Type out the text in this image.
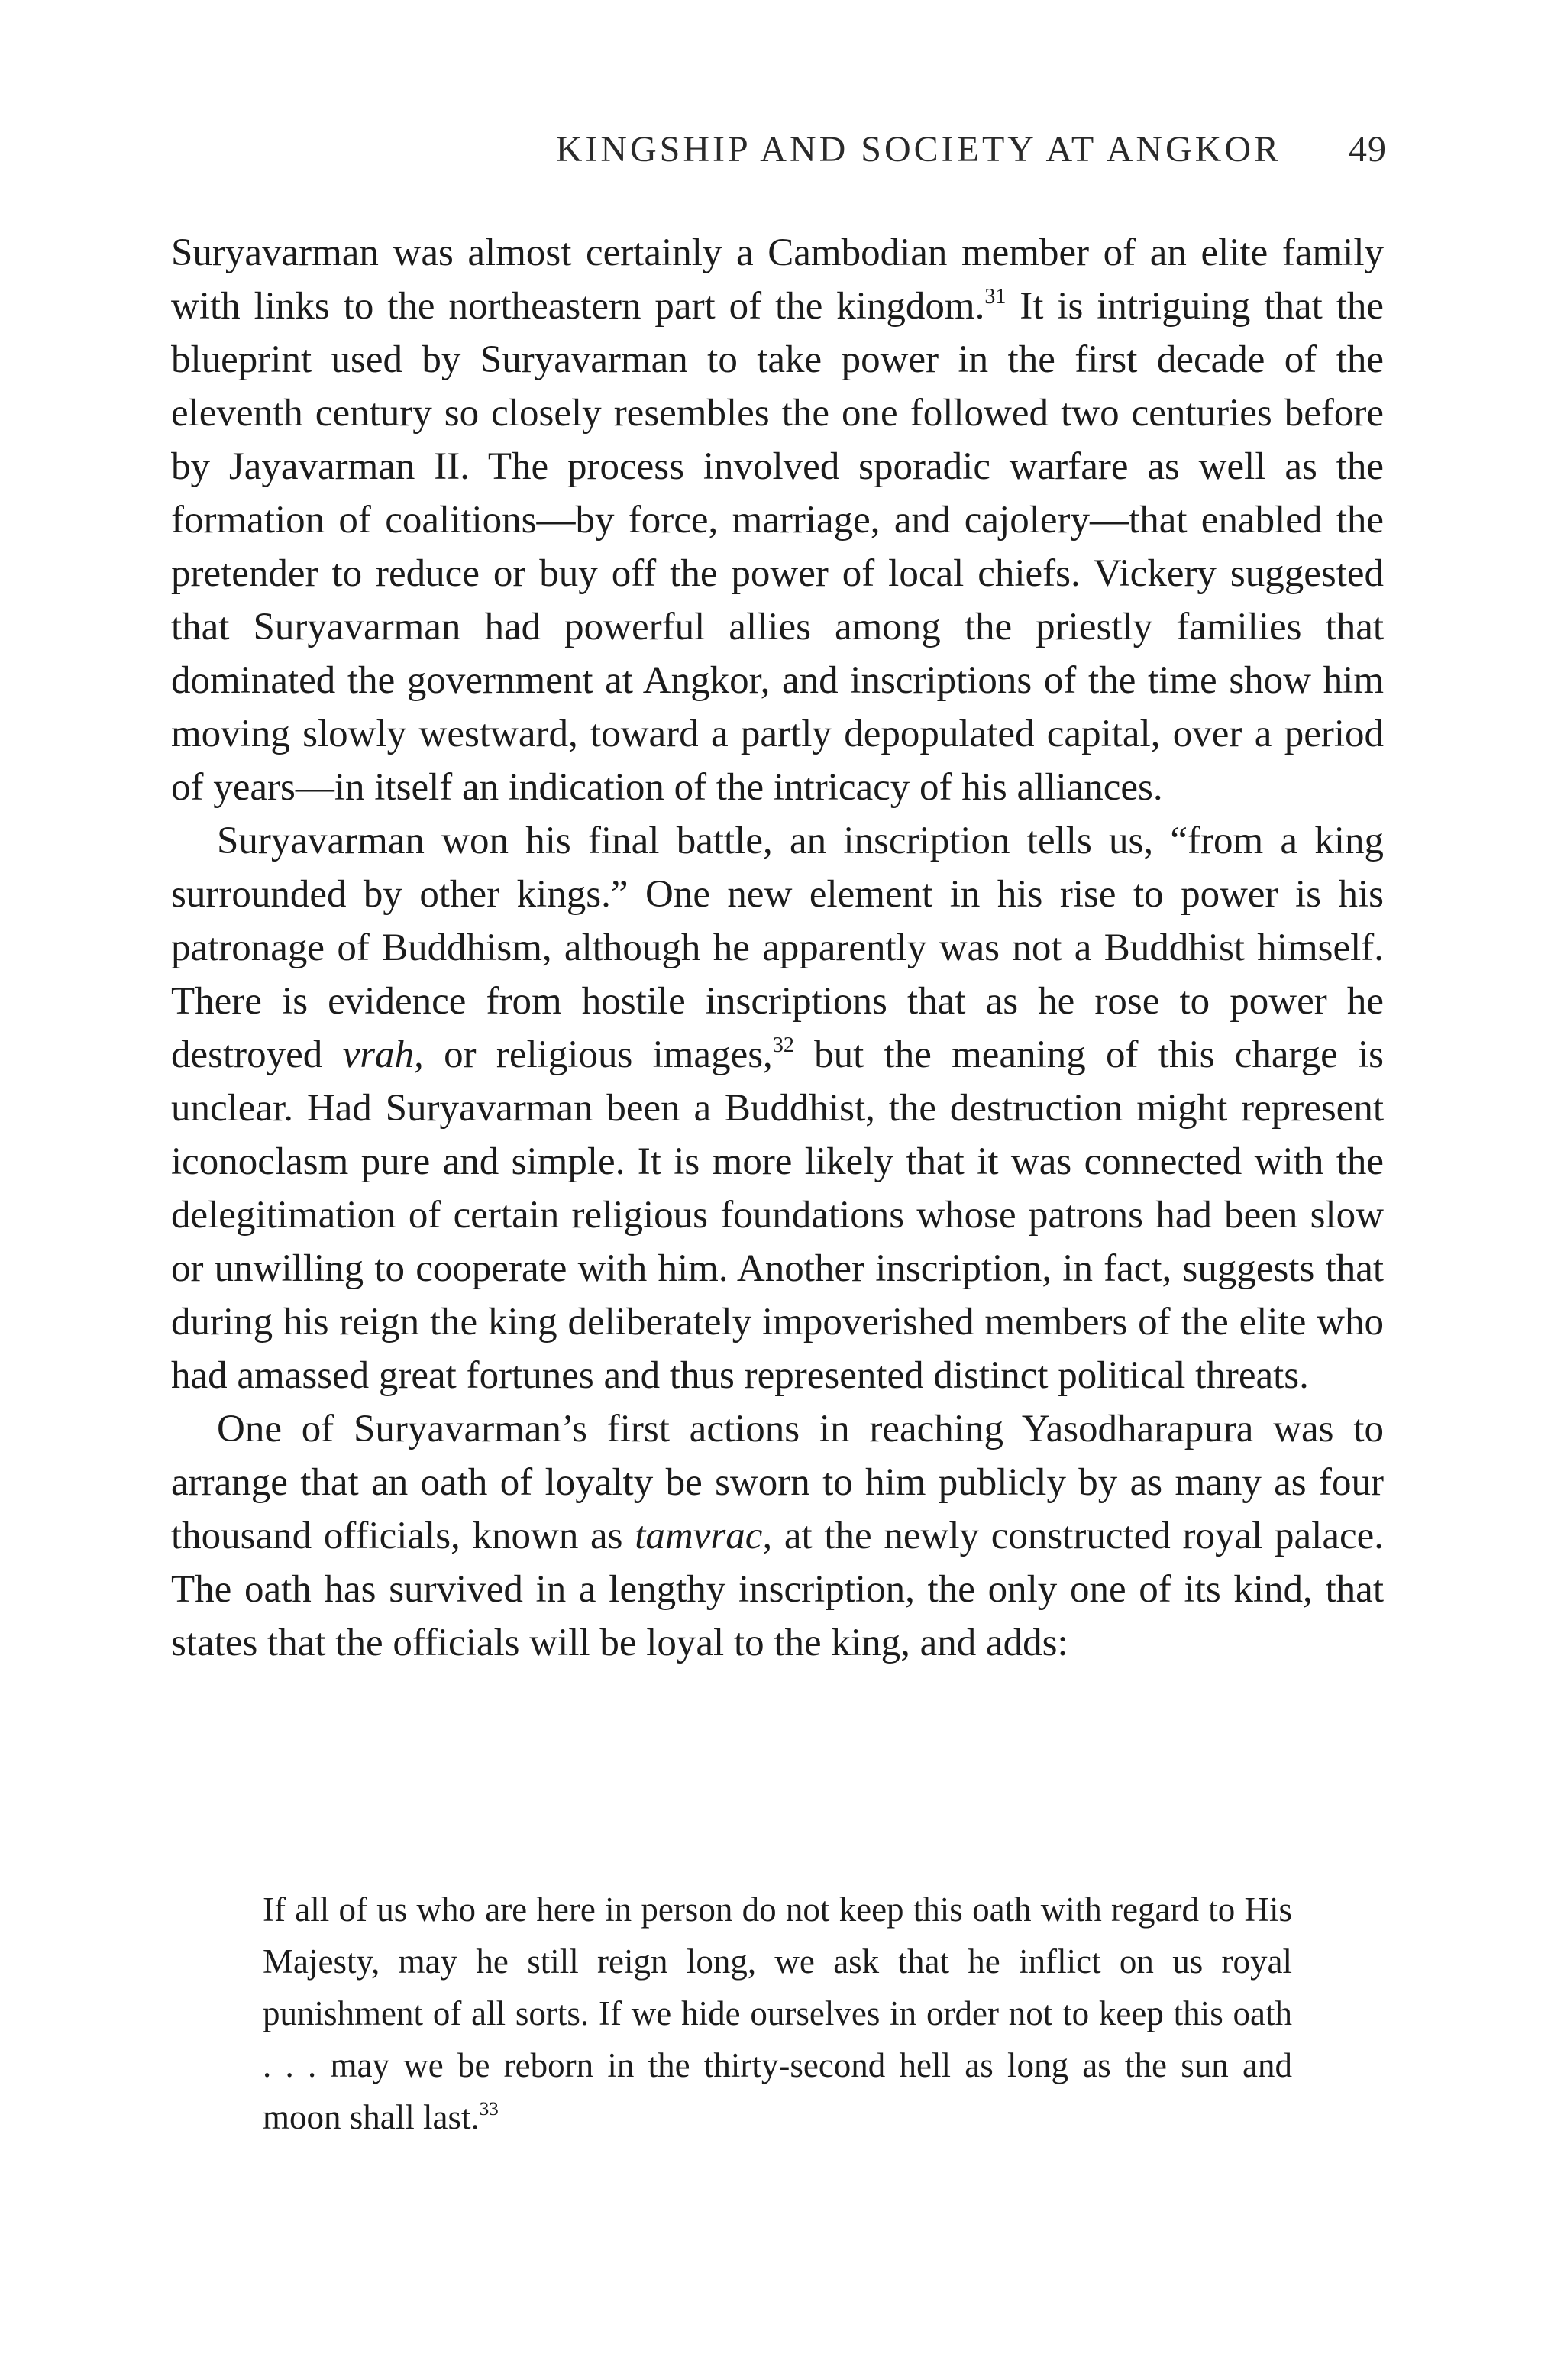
KINGSHIP AND SOCIETY AT ANGKOR 49

Suryavarman was almost certainly a Cambodian member of an elite family with links to the northeastern part of the kingdom.$^{31}$ It is intriguing that the blueprint used by Suryavarman to take power in the first decade of the eleventh century so closely resembles the one followed two centuries before by Jayavarman II. The process involved sporadic warfare as well as the formation of coalitions—by force, marriage, and cajolery—that enabled the pretender to reduce or buy off the power of local chiefs. Vickery suggested that Suryavarman had powerful allies among the priestly families that dominated the government at Angkor, and inscriptions of the time show him moving slowly westward, toward a partly depopulated capital, over a period of years—in itself an indication of the intricacy of his alliances.

Suryavarman won his final battle, an inscription tells us, “from a king surrounded by other kings.” One new element in his rise to power is his patronage of Buddhism, although he apparently was not a Buddhist himself. There is evidence from hostile inscriptions that as he rose to power he destroyed vrah, or religious images,$^{32}$ but the meaning of this charge is unclear. Had Suryavarman been a Buddhist, the destruction might represent iconoclasm pure and simple. It is more likely that it was connected with the delegitimation of certain religious foundations whose patrons had been slow or unwilling to cooperate with him. Another inscription, in fact, suggests that during his reign the king deliberately impoverished members of the elite who had amassed great fortunes and thus represented distinct political threats.

One of Suryavarman’s first actions in reaching Yasodharapura was to arrange that an oath of loyalty be sworn to him publicly by as many as four thousand officials, known as tamvrac, at the newly constructed royal palace. The oath has survived in a lengthy inscription, the only one of its kind, that states that the officials will be loyal to the king, and adds:

If all of us who are here in person do not keep this oath with regard to His Majesty, may he still reign long, we ask that he inflict on us royal punishment of all sorts. If we hide ourselves in order not to keep this oath . . . may we be reborn in the thirty-second hell as long as the sun and moon shall last.$^{33}$
